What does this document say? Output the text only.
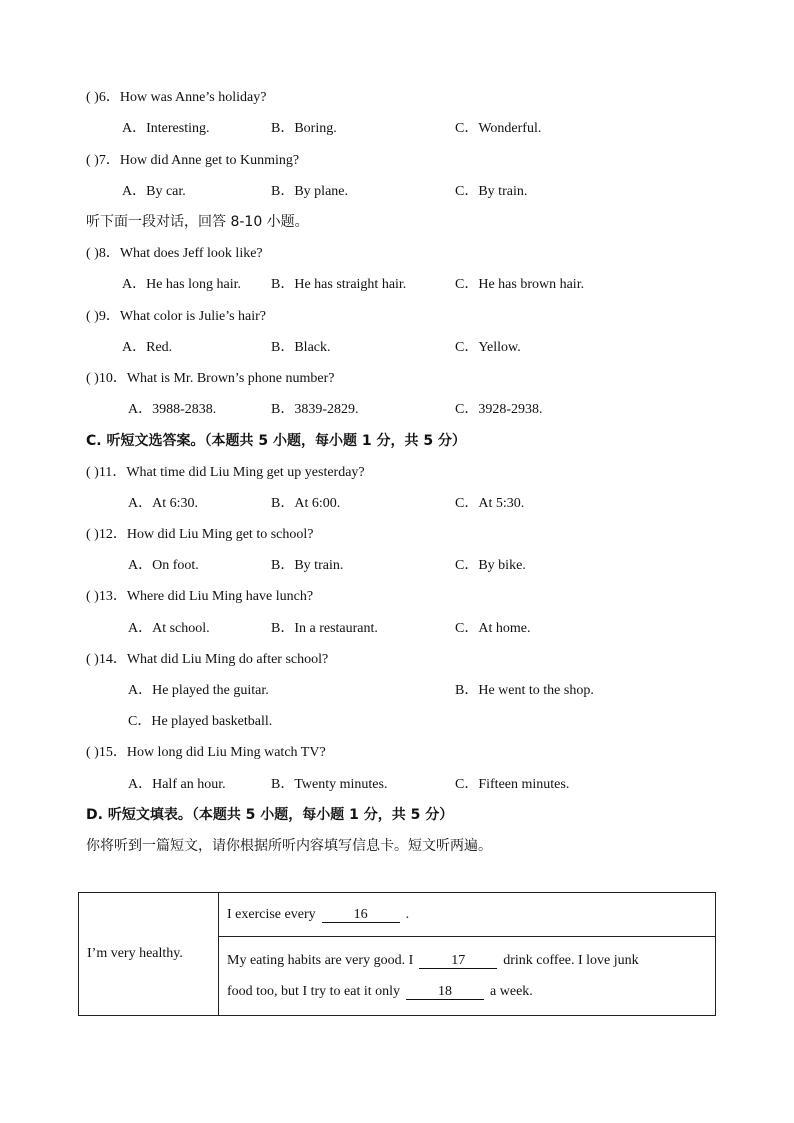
( )6．How was Anne’s holiday?
A．Interesting.	B．Boring.	C．Wonderful.
( )7．How did Anne get to Kunming?
A．By car.	B．By plane.	C．By train.
听下面一段对话，回答 8-10 小题。
( )8．What does Jeff look like?
A．He has long hair. B．He has straight hair.	C．He has brown hair.
( )9．What color is Julie’s hair?
A．Red.	B．Black.	C．Yellow.
( )10．What is Mr. Brown’s phone number?
A．3988-2838.	B．3839-2829.	C．3928-2938.
C. 听短文选答案。（本题共 5 小题，每小题 1 分，共 5 分）
( )11．What time did Liu Ming get up yesterday?
A．At 6:30.	B．At 6:00.	C．At 5:30.
( )12．How did Liu Ming get to school?
A．On foot.	B．By train.	C．By bike.
( )13．Where did Liu Ming have lunch?
A．At school.	B．In a restaurant.	C．At home.
( )14．What did Liu Ming do after school?
A．He played the guitar.	B．He went to the shop.
C．He played basketball.
( )15．How long did Liu Ming watch TV?
A．Half an hour.	B．Twenty minutes.	C．Fifteen minutes.
D. 听短文填表。（本题共 5 小题，每小题 1 分，共 5 分）
你将听到一篇短文，请你根据所听内容填写信息卡。短文听两遍。
I’m very healthy.	I exercise every	16	.
My eating habits are very good. I	17	drink coffee. I love junk
food too, but I try to eat it only	18	a week.
